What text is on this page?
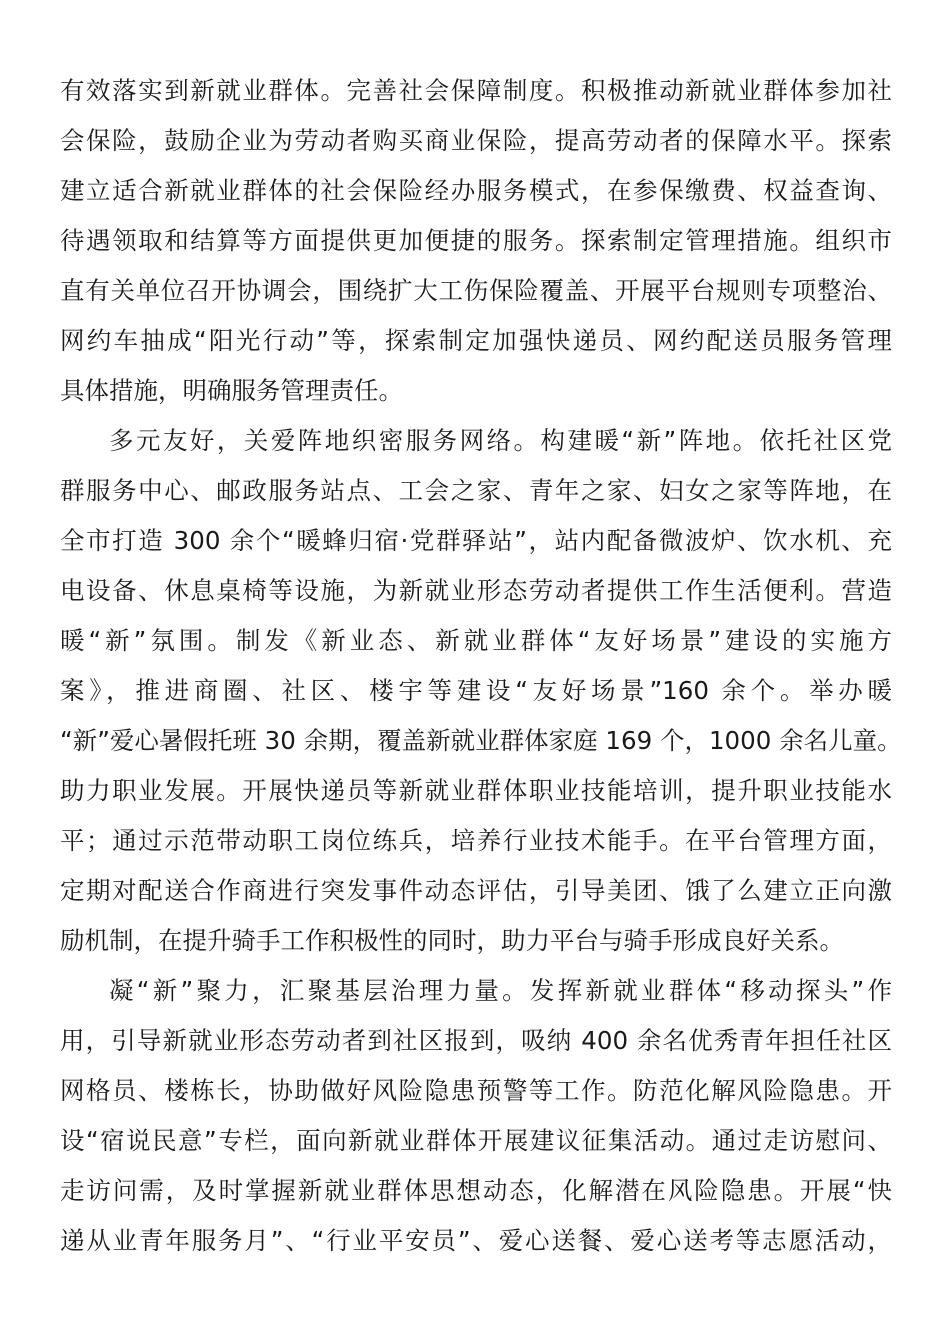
有效落实到新就业群体。完善社会保障制度。积极推动新就业群体参加社
会保险，鼓励企业为劳动者购买商业保险，提高劳动者的保障水平。探索
建立适合新就业群体的社会保险经办服务模式，在参保缴费、权益查询、
待遇领取和结算等方面提供更加便捷的服务。探索制定管理措施。组织市
直有关单位召开协调会，围绕扩大工伤保险覆盖、开展平台规则专项整治、
网约车抽成“阳光行动”等，探索制定加强快递员、网约配送员服务管理
具体措施，明确服务管理责任。
多元友好，关爱阵地织密服务网络。构建暖“新”阵地。依托社区党
群服务中心、邮政服务站点、工会之家、青年之家、妇女之家等阵地，在
全市打造 300 余个“暖蜂归宿·党群驿站”，站内配备微波炉、饮水机、充
电设备、休息桌椅等设施，为新就业形态劳动者提供工作生活便利。营造
暖“新”氛围。制发《新业态、新就业群体“友好场景”建设的实施方
案》，推进商圈、社区、楼宇等建设“友好场景”160 余个。举办暖
“新”爱心暑假托班 30 余期，覆盖新就业群体家庭 169 个，1000 余名儿童。
助力职业发展。开展快递员等新就业群体职业技能培训，提升职业技能水
平；通过示范带动职工岗位练兵，培养行业技术能手。在平台管理方面，
定期对配送合作商进行突发事件动态评估，引导美团、饿了么建立正向激
励机制，在提升骑手工作积极性的同时，助力平台与骑手形成良好关系。
凝“新”聚力，汇聚基层治理力量。发挥新就业群体“移动探头”作
用，引导新就业形态劳动者到社区报到，吸纳 400 余名优秀青年担任社区
网格员、楼栋长，协助做好风险隐患预警等工作。防范化解风险隐患。开
设“宿说民意”专栏，面向新就业群体开展建议征集活动。通过走访慰问、
走访问需，及时掌握新就业群体思想动态，化解潜在风险隐患。开展“快
递从业青年服务月”、“行业平安员”、爱心送餐、爱心送考等志愿活动，
